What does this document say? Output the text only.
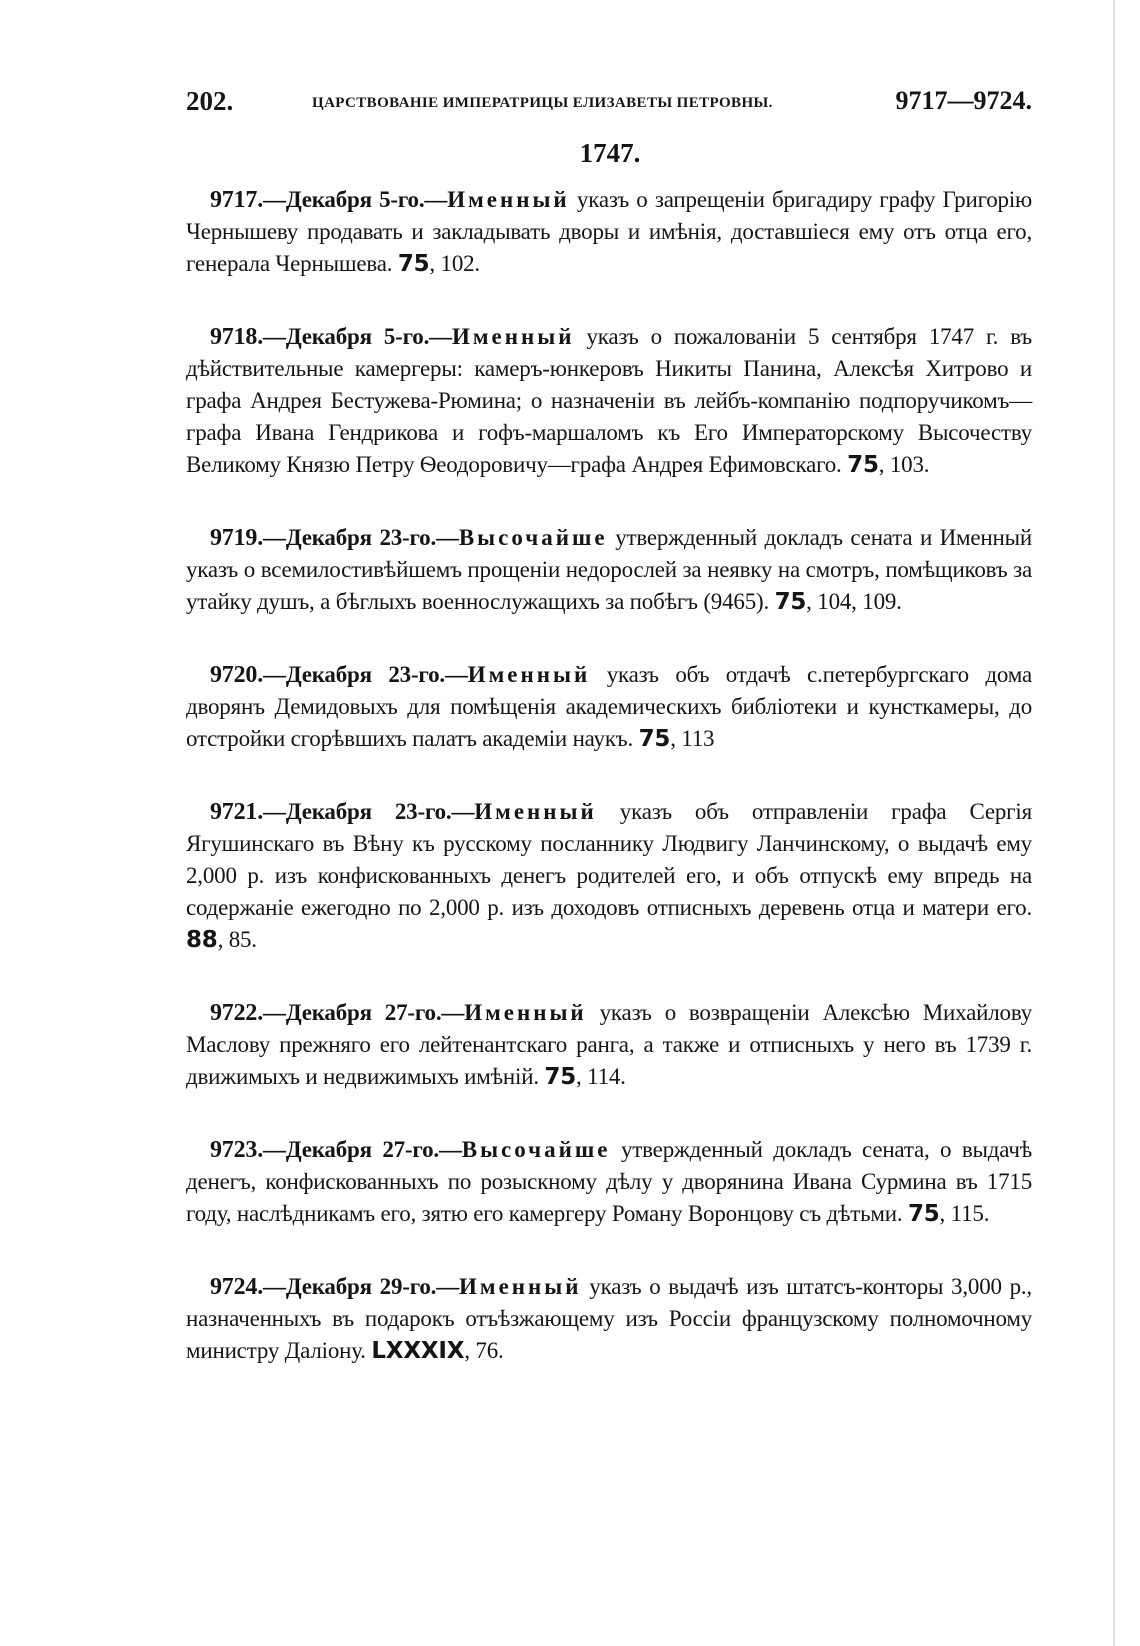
202.	ЦАРСТВОВАНІЕ ИМПЕРАТРИЦЫ ЕЛИЗАВЕТЫ ПЕТРОВНЫ.	9717—9724.
1747.

9717.—Декабря 5-го.—Именный указъ о запрещеніи бригадиру графу Григорію Чернышеву продавать и закладывать дворы и имѣнія, доставшіеся ему отъ отца его, генерала Чернышева. 75, 102.

9718.—Декабря 5-го.—Именный указъ о пожалованіи 5 сентября 1747 г. въ дѣйствительные камергеры: камеръ-юнкеровъ Никиты Панина, Алексѣя Хитрово и графа Андрея Бестужева-Рюмина; о назначеніи въ лейбъ-компанію подпоручикомъ—графа Ивана Гендрикова и гофъ-маршаломъ къ Его Императорскому Высочеству Великому Князю Петру Ѳеодоровичу—графа Андрея Ефимовскаго. 75, 103.

9719.—Декабря 23-го.—Высочайше утвержденный докладъ сената и Именный указъ о всемилостивѣйшемъ прощеніи недорослей за неявку на смотръ, помѣщиковъ за утайку душъ, а бѣглыхъ военнослужащихъ за побѣгъ (9465). 75, 104, 109.

9720.—Декабря 23-го.—Именный указъ объ отдачѣ с.петербургскаго дома дворянъ Демидовыхъ для помѣщенія академическихъ библіотеки и кунсткамеры, до отстройки сгорѣвшихъ палатъ академіи наукъ. 75, 113

9721.—Декабря 23-го.—Именный указъ объ отправленіи графа Сергія Ягушинскаго въ Вѣну къ русскому посланнику Людвигу Ланчинскому, о выдачѣ ему 2,000 р. изъ конфискованныхъ денегъ родителей его, и объ отпускѣ ему впредь на содержаніе ежегодно по 2,000 р. изъ доходовъ отписныхъ деревень отца и матери его. 88, 85.

9722.—Декабря 27-го.—Именный указъ о возвращеніи Алексѣю Михайлову Маслову прежняго его лейтенантскаго ранга, а также и отписныхъ у него въ 1739 г. движимыхъ и недвижимыхъ имѣній. 75, 114.

9723.—Декабря 27-го.—Высочайше утвержденный докладъ сената, о выдачѣ денегъ, конфискованныхъ по розыскному дѣлу у дворянина Ивана Сурмина въ 1715 году, наслѣдникамъ его, зятю его камергеру Роману Воронцову съ дѣтьми. 75, 115.

9724.—Декабря 29-го.—Именный указъ о выдачѣ изъ штатсъ-конторы 3,000 р., назначенныхъ въ подарокъ отъѣзжающему изъ Россіи французскому полномочному министру Даліону. LXXXIX, 76.
